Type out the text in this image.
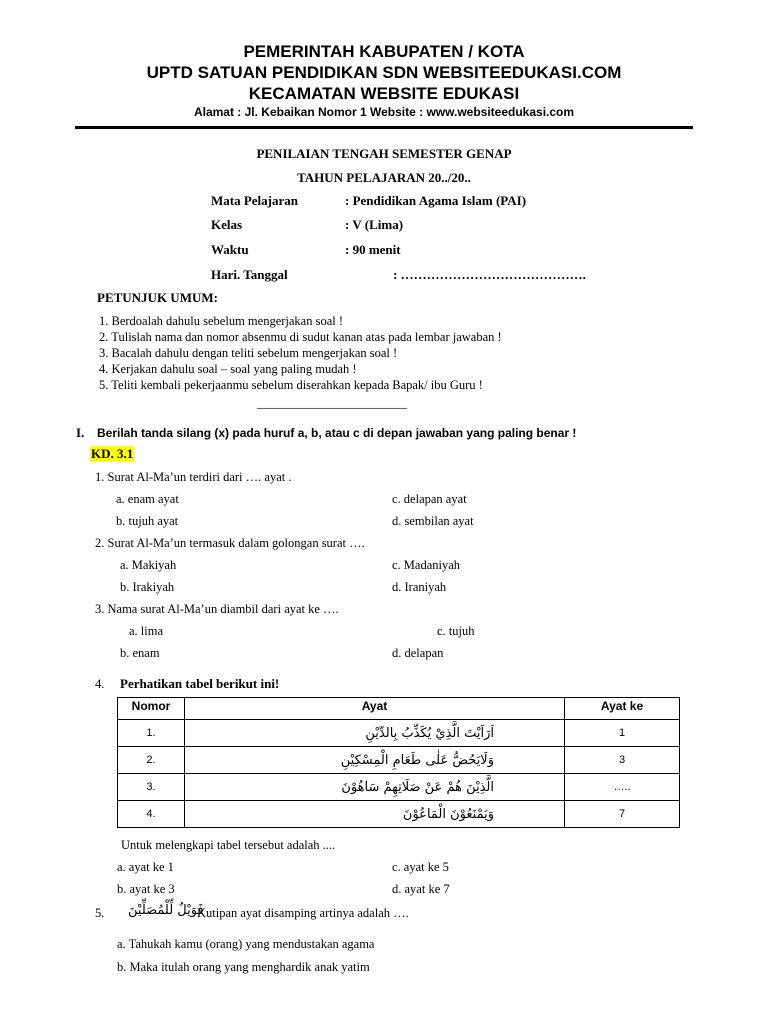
PEMERINTAH KABUPATEN / KOTA
UPTD SATUAN PENDIDIKAN SDN WEBSITEEDUKASI.COM
KECAMATAN WEBSITE EDUKASI
Alamat : Jl. Kebaikan Nomor 1 Website : www.websiteedukasi.com
PENILAIAN TENGAH SEMESTER GENAP
TAHUN PELAJARAN 20../20..
Mata Pelajaran	: Pendidikan Agama Islam (PAI)
Kelas	: V (Lima)
Waktu	: 90 menit
Hari. Tanggal	: …………………………………….
PETUNJUK UMUM:
1. Berdoalah dahulu sebelum mengerjakan soal !
2. Tulislah nama dan nomor absenmu di sudut kanan atas pada lembar jawaban !
3. Bacalah dahulu dengan teliti sebelum mengerjakan soal !
4. Kerjakan dahulu soal – soal yang paling mudah !
5. Teliti kembali pekerjaanmu sebelum diserahkan kepada Bapak/ ibu Guru !
________________________
I. Berilah tanda silang (x) pada huruf a, b, atau c di depan jawaban yang paling benar !
KD. 3.1
1. Surat Al-Ma’un terdiri dari …. ayat .
a. enam ayat	c. delapan ayat
b. tujuh ayat	d. sembilan ayat
2. Surat Al-Ma’un termasuk dalam golongan surat ….
a. Makiyah	c. Madaniyah
b. Irakiyah	d. Iraniyah
3. Nama surat Al-Ma’un diambil dari ayat ke ….
a. lima	c. tujuh
b. enam	d. delapan
4. Perhatikan tabel berikut ini!
Nomor	Ayat	Ayat ke
1.	اَرَاَيْتَ الَّذِيْ يُكَذِّبُ بِالدِّيْنِ	1
2.	وَلَايَحُضُّ عَلٰى طَعَامِ الْمِسْكِيْنِ	3
3.	الَّذِيْنَ هُمْ عَنْ صَلَاتِهِمْ سَاهُوْنَ	…..
4.	وَيَمْنَعُوْنَ الْمَاعُوْنَ	7
Untuk melengkapi tabel tersebut adalah ....
a. ayat ke 1	c. ayat ke 5
b. ayat ke 3	d. ayat ke 7
5. فَوَيْلٌ لِّلْمُصَلِّيْنَ
Kutipan ayat disamping artinya adalah ….
a. Tahukah kamu (orang) yang mendustakan agama
b. Maka itulah orang yang menghardik anak yatim
